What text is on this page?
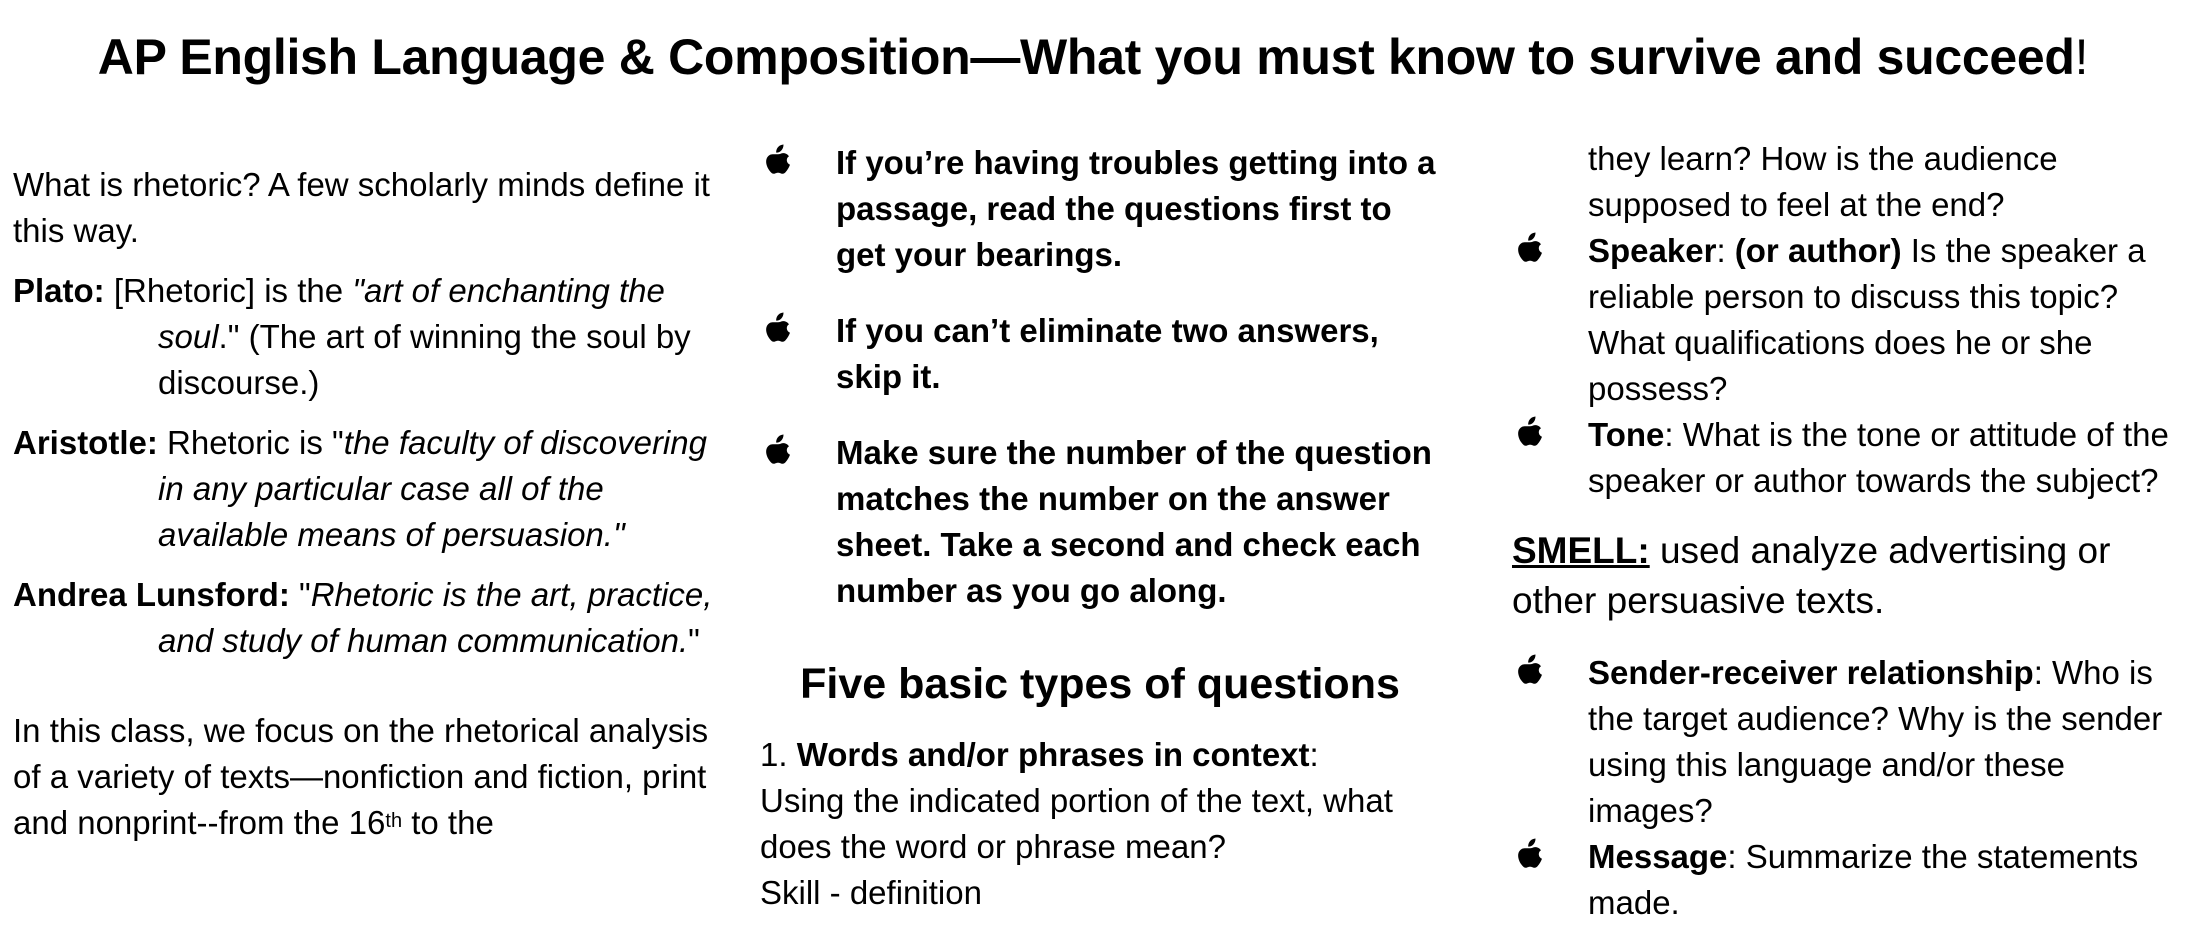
AP English Language & Composition—What you must know to survive and succeed!

What is rhetoric? A few scholarly minds define it this way.

Plato: [Rhetoric] is the "art of enchanting the soul." (The art of winning the soul by discourse.)

Aristotle: Rhetoric is "the faculty of discovering in any particular case all of the available means of persuasion."

Andrea Lunsford: "Rhetoric is the art, practice, and study of human communication."

In this class, we focus on the rhetorical analysis of a variety of texts—nonfiction and fiction, print and nonprint--from the 16th to the

If you’re having troubles getting into a passage, read the questions first to get your bearings.

If you can’t eliminate two answers, skip it.

Make sure the number of the question matches the number on the answer sheet. Take a second and check each number as you go along.

Five basic types of questions

1. Words and/or phrases in context:

Using the indicated portion of the text, what does the word or phrase mean?

Skill - definition

they learn? How is the audience supposed to feel at the end?

Speaker: (or author) Is the speaker a reliable person to discuss this topic? What qualifications does he or she possess?

Tone: What is the tone or attitude of the speaker or author towards the subject?

SMELL: used analyze advertising or other persuasive texts.

Sender-receiver relationship: Who is the target audience? Why is the sender using this language and/or these images?

Message: Summarize the statements made.
